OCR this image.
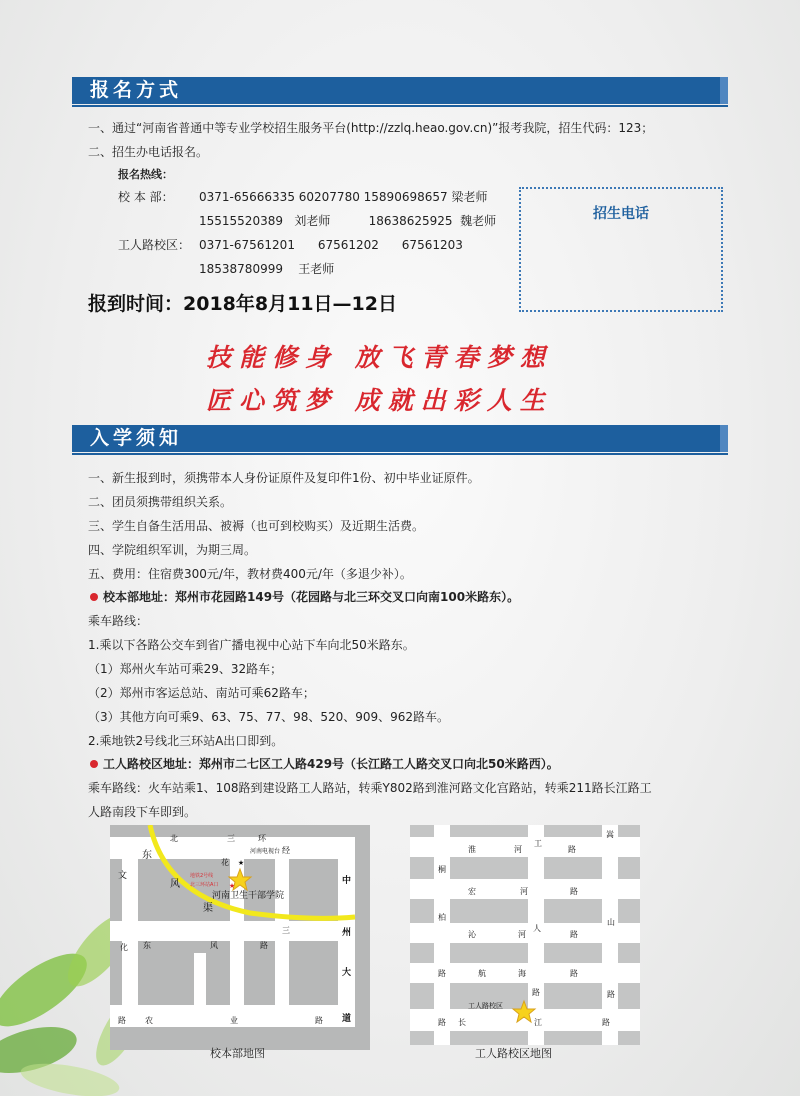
报名方式
一、通过“河南省普通中等专业学校招生服务平台(http://zzlq.heao.gov.cn)”报考我院，招生代码：123；
二、招生办电话报名。
报名热线：
校 本 部： 0371-65666335 60207780 15890698657 梁老师
15515520389   刘老师          18638625925  魏老师
工人路校区： 0371-67561201      67561202      67561203
18538780999    王老师
招生电话
报到时间：2018年8月11日—12日
技能修身 放飞青春梦想
匠心筑梦 成就出彩人生
入学须知
一、新生报到时，须携带本人身份证原件及复印件1份、初中毕业证原件。
二、团员须携带组织关系。
三、学生自备生活用品、被褥（也可到校购买）及近期生活费。
四、学院组织军训，为期三周。
五、费用：住宿费300元/年，教材费400元/年（多退少补）。
校本部地址：郑州市花园路149号（花园路与北三环交叉口向南100米路东）。
乘车路线：
1.乘以下各路公交车到省广播电视中心站下车向北50米路东。
（1）郑州火车站可乘29、32路车；
（2）郑州市客运总站、南站可乘62路车；
（3）其他方向可乘9、63、75、77、98、520、909、962路车。
2.乘地铁2号线北三环站A出口即到。
工人路校区地址：郑州市二七区工人路429号（长江路工人路交叉口向北50米路西）。
乘车路线：火车站乘1、108路到建设路工人路站，转乘Y802路到淮河路文化宫路站，转乘211路长江路工
人路南段下车即到。
★
★
北	三	环
河南电视台 经
花
地铁2号线
北三环站A口
东
文
风
渠
河南卫生干部学院
三
化 东	风	路
中
州
大
道
路 农	业	路
校本部地图
淮	河
工
路
嵩
桐
宏	河	路
柏
人
山
沁	河	路
路	航	海	路
路	路
工人路校区
长	江	路
路
工人路校区地图
